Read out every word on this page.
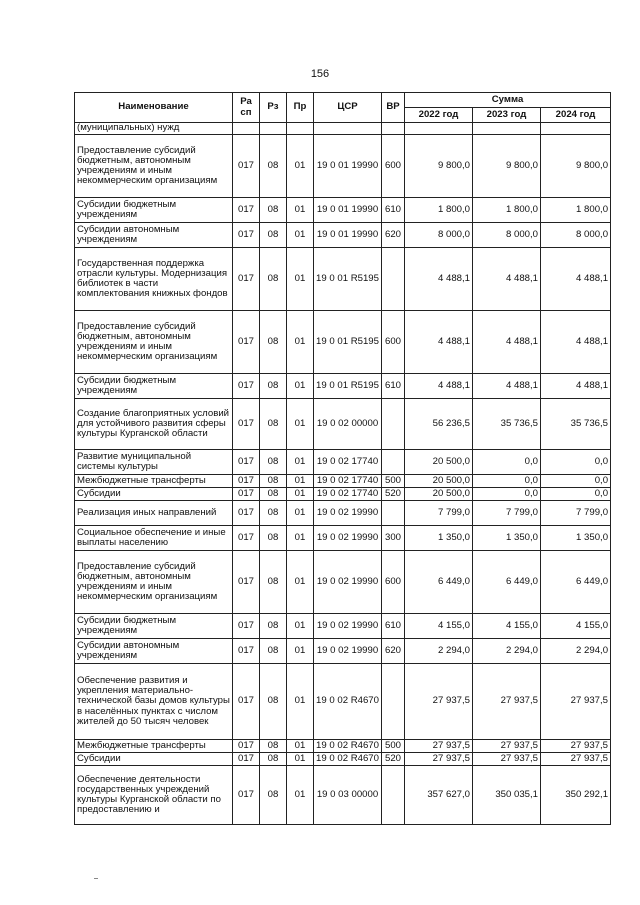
156
Наименование	Ра сп	Рз	Пр	ЦСР	ВР	Сумма		
						2022 год	2023 год	2024 год
(муниципальных) нужд								
Предоставление субсидий бюджетным, автономным учреждениям и иным некоммерческим организациям	017	08	01	19 0 01 19990	600	9 800,0	9 800,0	9 800,0
Субсидии бюджетным учреждениям	017	08	01	19 0 01 19990	610	1 800,0	1 800,0	1 800,0
Субсидии автономным учреждениям	017	08	01	19 0 01 19990	620	8 000,0	8 000,0	8 000,0
Государственная поддержка отрасли культуры. Модернизация библиотек в части комплектования книжных фондов	017	08	01	19 0 01 R5195		4 488,1	4 488,1	4 488,1
Предоставление субсидий бюджетным, автономным учреждениям и иным некоммерческим организациям	017	08	01	19 0 01 R5195	600	4 488,1	4 488,1	4 488,1
Субсидии бюджетным учреждениям	017	08	01	19 0 01 R5195	610	4 488,1	4 488,1	4 488,1
Создание благоприятных условий для устойчивого развития сферы культуры Курганской области	017	08	01	19 0 02 00000		56 236,5	35 736,5	35 736,5
Развитие муниципальной системы культуры	017	08	01	19 0 02 17740		20 500,0	0,0	0,0
Межбюджетные трансферты	017	08	01	19 0 02 17740	500	20 500,0	0,0	0,0
Субсидии	017	08	01	19 0 02 17740	520	20 500,0	0,0	0,0
Реализация иных направлений	017	08	01	19 0 02 19990		7 799,0	7 799,0	7 799,0
Социальное обеспечение и иные выплаты населению	017	08	01	19 0 02 19990	300	1 350,0	1 350,0	1 350,0
Предоставление субсидий бюджетным, автономным учреждениям и иным некоммерческим организациям	017	08	01	19 0 02 19990	600	6 449,0	6 449,0	6 449,0
Субсидии бюджетным учреждениям	017	08	01	19 0 02 19990	610	4 155,0	4 155,0	4 155,0
Субсидии автономным учреждениям	017	08	01	19 0 02 19990	620	2 294,0	2 294,0	2 294,0
Обеспечение развития и укрепления материально-технической базы домов культуры в населённых пунктах с числом жителей до 50 тысяч человек	017	08	01	19 0 02 R4670		27 937,5	27 937,5	27 937,5
Межбюджетные трансферты	017	08	01	19 0 02 R4670	500	27 937,5	27 937,5	27 937,5
Субсидии	017	08	01	19 0 02 R4670	520	27 937,5	27 937,5	27 937,5
Обеспечение деятельности государственных учреждений культуры Курганской области по предоставлению и	017	08	01	19 0 03 00000		357 627,0	350 035,1	350 292,1
